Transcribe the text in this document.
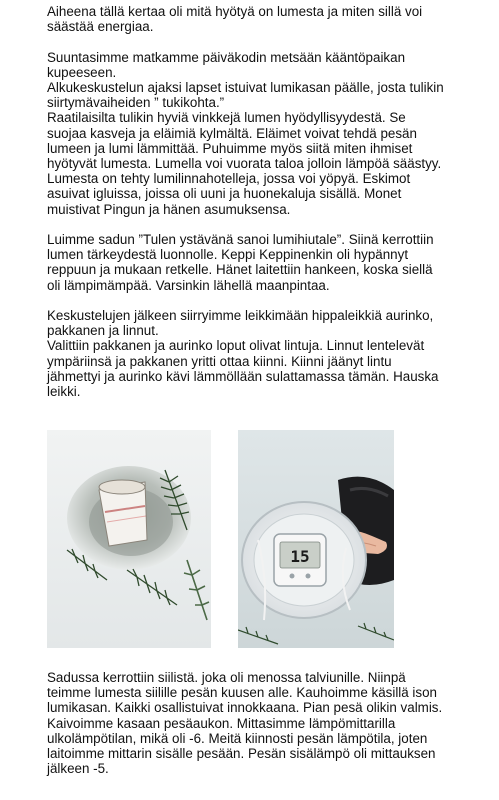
Aiheena tällä kertaa oli mitä hyötyä on lumesta ja miten sillä voi
säästää energiaa.

Suuntasimme matkamme päiväkodin metsään kääntöpaikan
kupeeseen.
Alkukeskustelun ajaksi lapset istuivat lumikasan päälle, josta tulikin
siirtymävaiheiden ” tukikohta.”
Raatilaisilta tulikin hyviä vinkkejä lumen hyödyllisyydestä. Se
suojaa kasveja ja eläimiä kylmältä. Eläimet voivat tehdä pesän
lumeen ja lumi lämmittää. Puhuimme myös siitä miten ihmiset
hyötyvät lumesta. Lumella voi vuorata taloa jolloin lämpöä säästyy.
Lumesta on tehty lumilinnahotelleja, jossa voi yöpyä. Eskimot
asuivat igluissa, joissa oli uuni ja huonekaluja sisällä. Monet
muistivat Pingun ja hänen asumuksensa.

Luimme sadun ”Tulen ystävänä sanoi lumihiutale”. Siinä kerrottiin
lumen tärkeydestä luonnolle. Keppi Keppinenkin oli hypännyt
reppuun ja mukaan retkelle. Hänet laitettiin hankeen, koska siellä
oli lämpimämpää. Varsinkin lähellä maanpintaa.

Keskustelujen jälkeen siirryimme leikkimään hippaleikkiä aurinko,
pakkanen ja linnut.
Valittiin pakkanen ja aurinko loput olivat lintuja. Linnut lentelevät
ympäriinsä ja pakkanen yritti ottaa kiinni. Kiinni jäänyt lintu
jähmettyi ja aurinko kävi lämmöllään sulattamassa tämän. Hauska
leikki.

15

Sadussa kerrottiin siilistä. joka oli menossa talviunille. Niinpä
teimme lumesta siilille pesän kuusen alle. Kauhoimme käsillä ison
lumikasan. Kaikki osallistuivat innokkaana. Pian pesä olikin valmis.
Kaivoimme kasaan pesäaukon. Mittasimme lämpömittarilla
ulkolämpötilan, mikä oli -6. Meitä kiinnosti pesän lämpötila, joten
laitoimme mittarin sisälle pesään. Pesän sisälämpö oli mittauksen
jälkeen -5.
